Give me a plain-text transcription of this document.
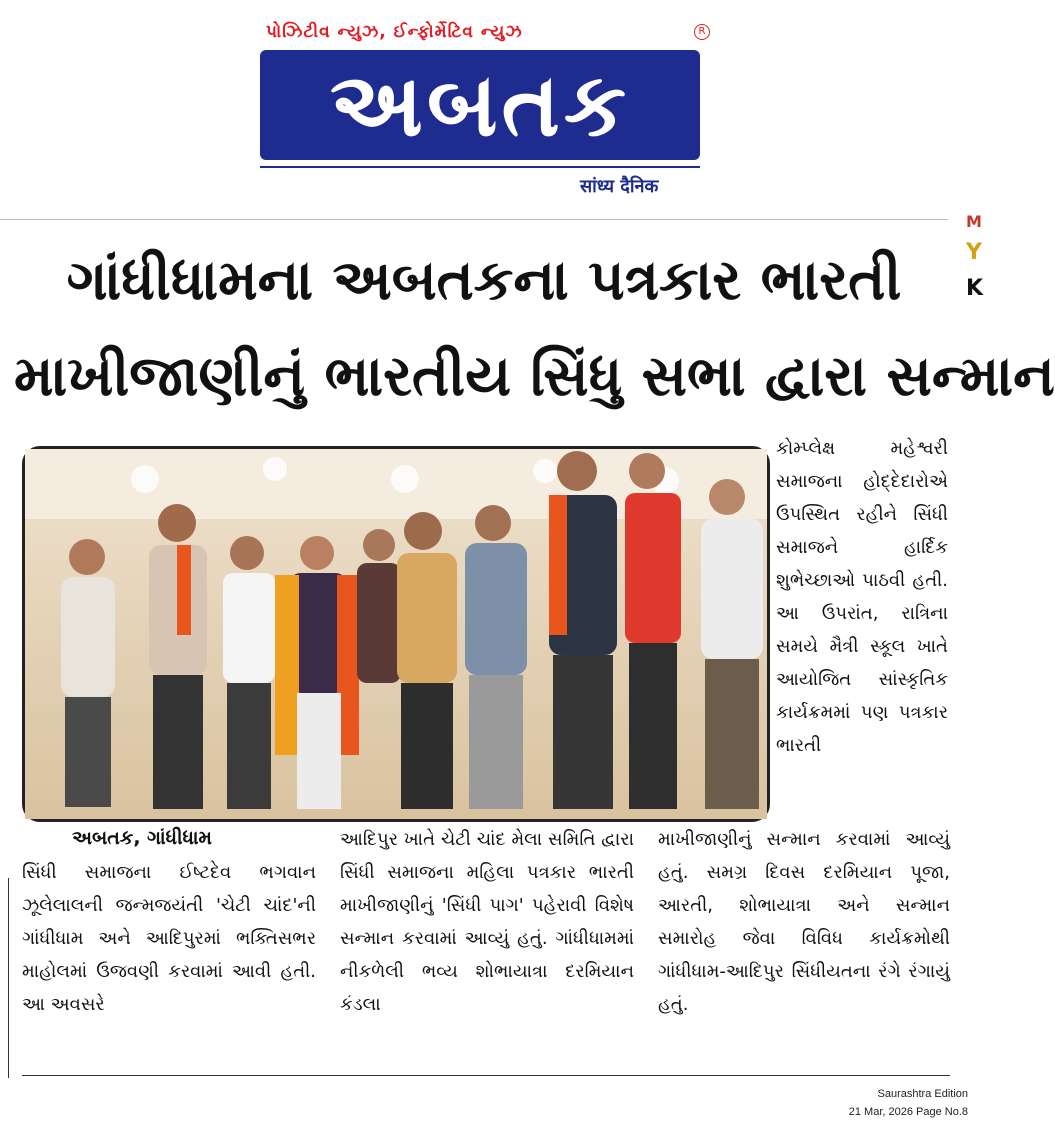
પોઝિટીવ ન્યુઝ, ઈન્ફોર્મેટિવ ન્યુઝ	R
અબતક
सांध्य दैनिक
M
Y
K
ગાંધીધામના અબતકના પત્રકાર ભારતી
માખીજાણીનું ભારતીય સિંધુ સભા દ્વારા સન્માન
કોમ્પ્લેક્ષ મહેશ્વરી સમાજના હોદ્દેદારોએ ઉપસ્થિત રહીને સિંધી સમાજને હાર્દિક શુભેચ્છાઓ પાઠવી હતી. આ ઉપરાંત, રાત્રિના સમયે મૈત્રી સ્કૂલ ખાતે આયોજિત સાંસ્કૃતિક કાર્યક્રમમાં પણ પત્રકાર ભારતી
અબતક, ગાંધીધામ
સિંધી સમાજના ઈષ્ટદેવ ભગવાન ઝૂલેલાલની જન્મજયંતી 'ચેટી ચાંદ'ની ગાંધીધામ અને આદિપુરમાં ભક્તિસભર માહોલમાં ઉજવણી કરવામાં આવી હતી. આ અવસરે
આદિપુર ખાતે ચેટી ચાંદ મેલા સમિતિ દ્વારા સિંધી સમાજના મહિલા પત્રકાર ભારતી માખીજાણીનું 'સિંધી પાગ' પહેરાવી વિશેષ સન્માન કરવામાં આવ્યું હતું. ગાંધીધામમાં નીકળેલી ભવ્ય શોભાયાત્રા દરમિયાન કંડલા
માખીજાણીનું સન્માન કરવામાં આવ્યું હતું. સમગ્ર દિવસ દરમિયાન પૂજા, આરતી, શોભાયાત્રા અને સન્માન સમારોહ જેવા વિવિધ કાર્યક્રમોથી ગાંધીધામ-આદિપુર સિંધીયતના રંગે રંગાયું હતું.
Saurashtra Edition
21 Mar, 2026 Page No.8
